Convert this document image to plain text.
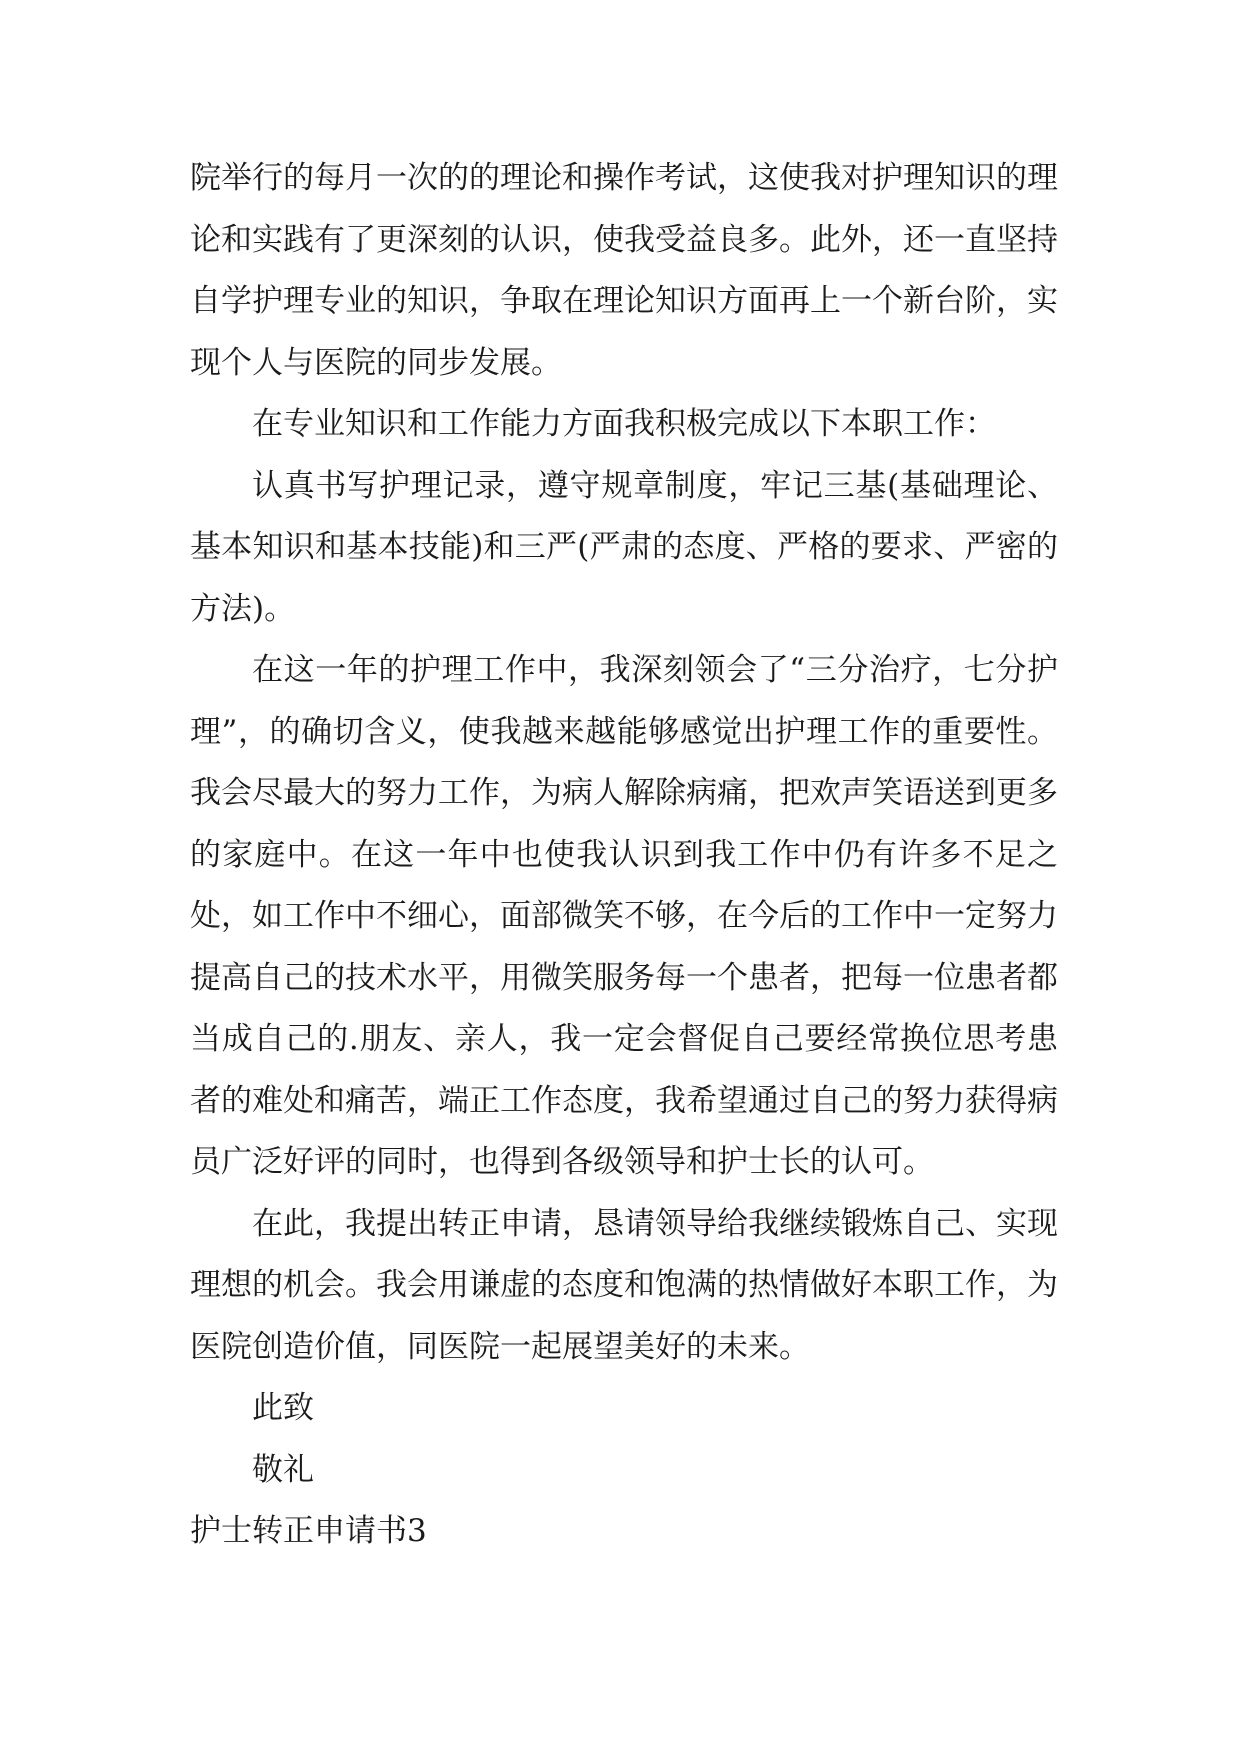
院举行的每月一次的的理论和操作考试，这使我对护理知识的理论和实践有了更深刻的认识，使我受益良多。此外，还一直坚持自学护理专业的知识，争取在理论知识方面再上一个新台阶，实现个人与医院的同步发展。

在专业知识和工作能力方面我积极完成以下本职工作：

认真书写护理记录，遵守规章制度，牢记三基(基础理论、基本知识和基本技能)和三严(严肃的态度、严格的要求、严密的方法)。

在这一年的护理工作中，我深刻领会了“三分治疗，七分护理”，的确切含义，使我越来越能够感觉出护理工作的重要性。我会尽最大的努力工作，为病人解除病痛，把欢声笑语送到更多的家庭中。在这一年中也使我认识到我工作中仍有许多不足之处，如工作中不细心，面部微笑不够，在今后的工作中一定努力提高自己的技术水平，用微笑服务每一个患者，把每一位患者都当成自己的.朋友、亲人，我一定会督促自己要经常换位思考患者的难处和痛苦，端正工作态度，我希望通过自己的努力获得病员广泛好评的同时，也得到各级领导和护士长的认可。

在此，我提出转正申请，恳请领导给我继续锻炼自己、实现理想的机会。我会用谦虚的态度和饱满的热情做好本职工作，为医院创造价值，同医院一起展望美好的未来。

此致

敬礼

护士转正申请书3
